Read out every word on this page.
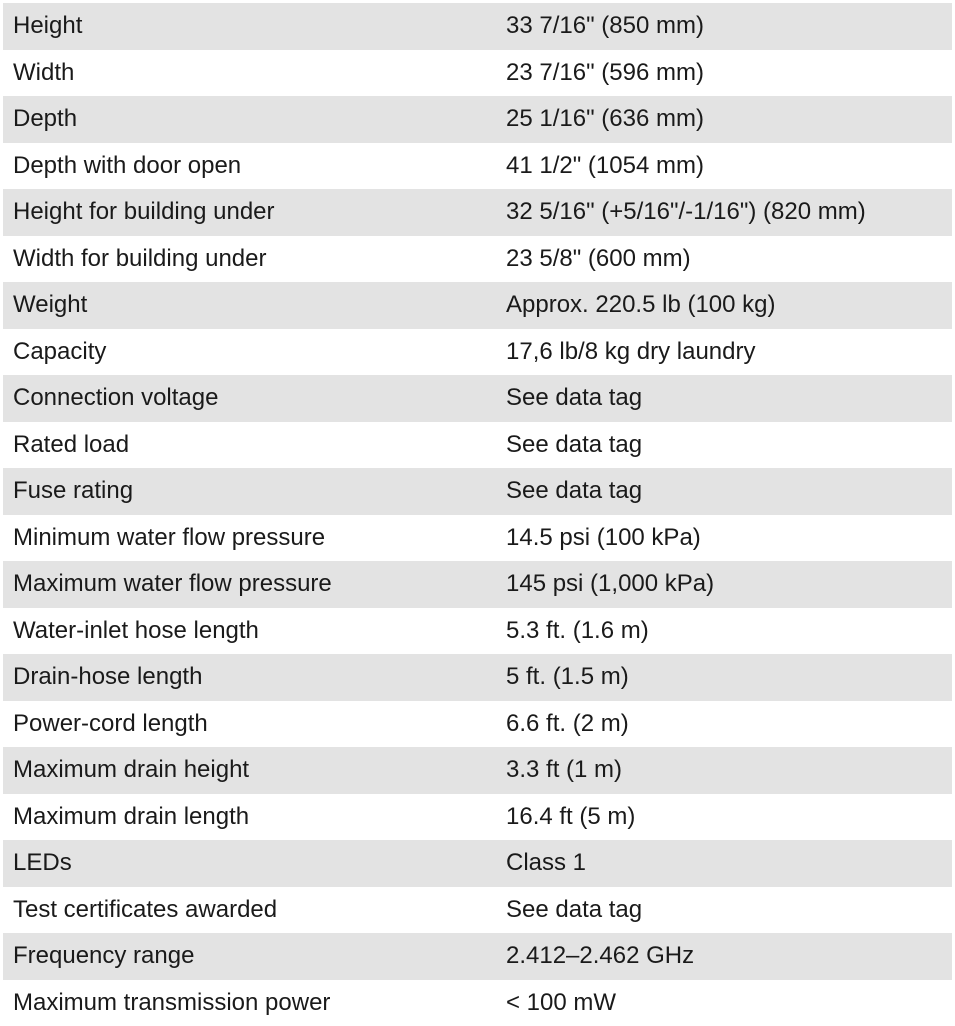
Height	33 7/16" (850 mm)
Width	23 7/16" (596 mm)
Depth	25 1/16" (636 mm)
Depth with door open	41 1/2" (1054 mm)
Height for building under	32 5/16" (+5/16"/-1/16") (820 mm)
Width for building under	23 5/8" (600 mm)
Weight	Approx. 220.5 lb (100 kg)
Capacity	17,6 lb/8 kg dry laundry
Connection voltage	See data tag
Rated load	See data tag
Fuse rating	See data tag
Minimum water flow pressure	14.5 psi (100 kPa)
Maximum water flow pressure	145 psi (1,000 kPa)
Water-inlet hose length	5.3 ft. (1.6 m)
Drain-hose length	5 ft. (1.5 m)
Power-cord length	6.6 ft. (2 m)
Maximum drain height	3.3 ft (1 m)
Maximum drain length	16.4 ft (5 m)
LEDs	Class 1
Test certificates awarded	See data tag
Frequency range	2.412–2.462 GHz
Maximum transmission power	< 100 mW
